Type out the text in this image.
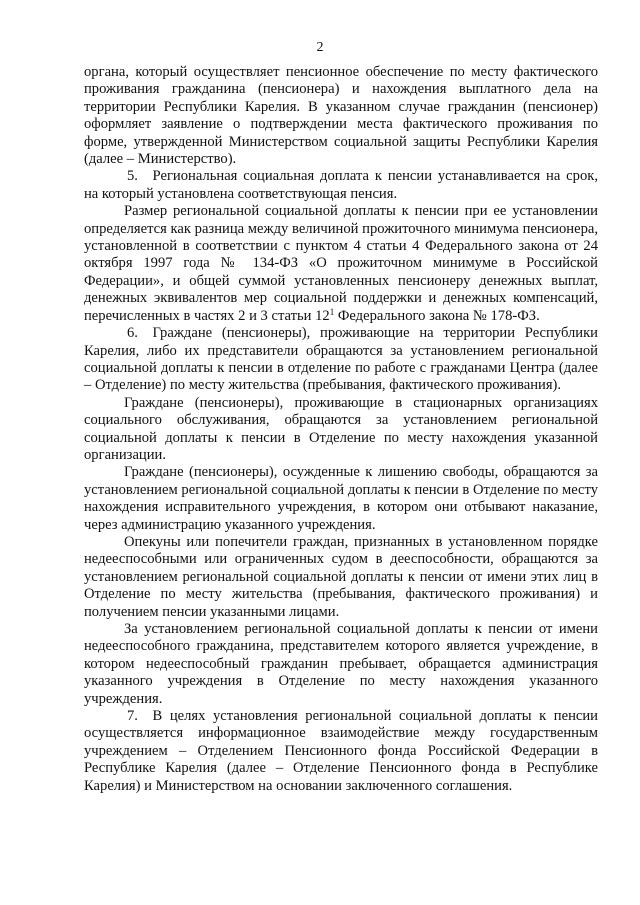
2

органа, который осуществляет пенсионное обеспечение по месту фактического проживания гражданина (пенсионера) и нахождения выплатного дела на территории Республики Карелия. В указанном случае гражданин (пенсионер) оформляет заявление о подтверждении места фактического проживания по форме, утвержденной Министерством социальной защиты Республики Карелия (далее – Министерство).

5. Региональная социальная доплата к пенсии устанавливается на срок, на который установлена соответствующая пенсия.

Размер региональной социальной доплаты к пенсии при ее установлении определяется как разница между величиной прожиточного минимума пенсионера, установленной в соответствии с пунктом 4 статьи 4 Федерального закона от 24 октября 1997 года № 134-ФЗ «О прожиточном минимуме в Российской Федерации», и общей суммой установленных пенсионеру денежных выплат, денежных эквивалентов мер социальной поддержки и денежных компенсаций, перечисленных в частях 2 и 3 статьи $12^1$ Федерального закона № 178-ФЗ.

6. Граждане (пенсионеры), проживающие на территории Республики Карелия, либо их представители обращаются за установлением региональной социальной доплаты к пенсии в отделение по работе с гражданами Центра (далее – Отделение) по месту жительства (пребывания, фактического проживания).

Граждане (пенсионеры), проживающие в стационарных организациях социального обслуживания, обращаются за установлением региональной социальной доплаты к пенсии в Отделение по месту нахождения указанной организации.

Граждане (пенсионеры), осужденные к лишению свободы, обращаются за установлением региональной социальной доплаты к пенсии в Отделение по месту нахождения исправительного учреждения, в котором они отбывают наказание, через администрацию указанного учреждения.

Опекуны или попечители граждан, признанных в установленном порядке недееспособными или ограниченных судом в дееспособности, обращаются за установлением региональной социальной доплаты к пенсии от имени этих лиц в Отделение по месту жительства (пребывания, фактического проживания) и получением пенсии указанными лицами.

За установлением региональной социальной доплаты к пенсии от имени недееспособного гражданина, представителем которого является учреждение, в котором недееспособный гражданин пребывает, обращается администрация указанного учреждения в Отделение по месту нахождения указанного учреждения.

7. В целях установления региональной социальной доплаты к пенсии осуществляется информационное взаимодействие между государственным учреждением – Отделением Пенсионного фонда Российской Федерации в Республике Карелия (далее – Отделение Пенсионного фонда в Республике Карелия) и Министерством на основании заключенного соглашения.
